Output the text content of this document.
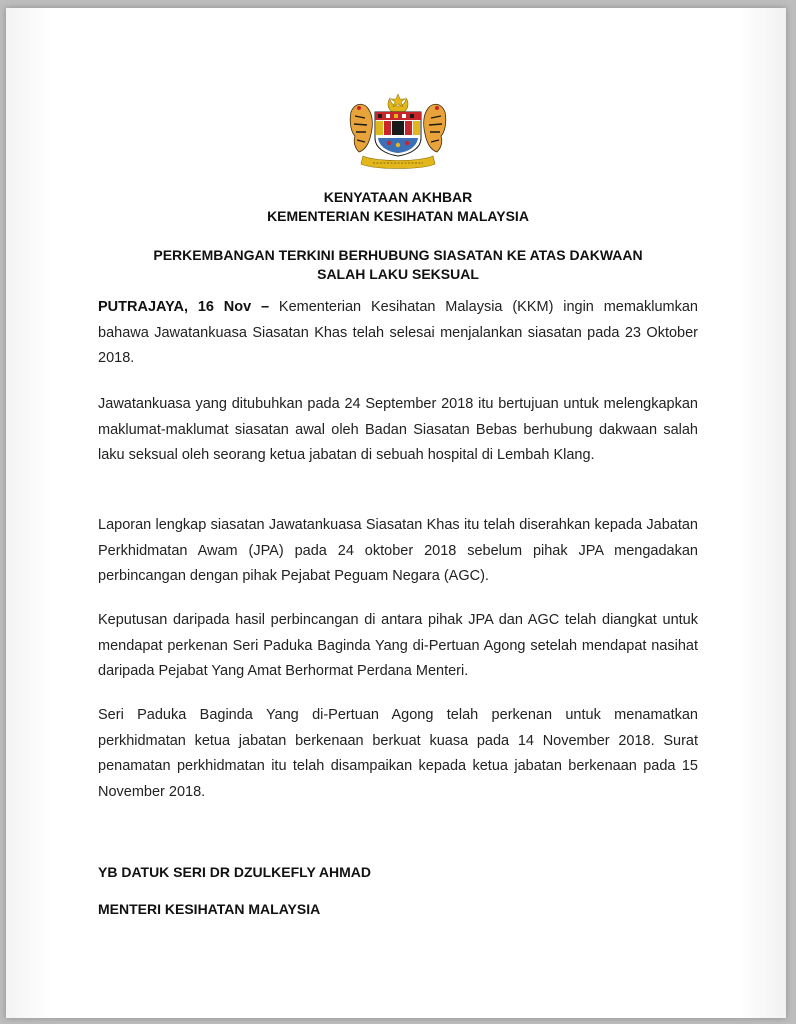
KENYATAAN AKHBAR
KEMENTERIAN KESIHATAN MALAYSIA
PERKEMBANGAN TERKINI BERHUBUNG SIASATAN KE ATAS DAKWAAN
SALAH LAKU SEKSUAL

PUTRAJAYA, 16 Nov – Kementerian Kesihatan Malaysia (KKM) ingin memaklumkan bahawa Jawatankuasa Siasatan Khas telah selesai menjalankan siasatan pada 23 Oktober 2018.

Jawatankuasa yang ditubuhkan pada 24 September 2018 itu bertujuan untuk melengkapkan maklumat-maklumat siasatan awal oleh Badan Siasatan Bebas berhubung dakwaan salah laku seksual oleh seorang ketua jabatan di sebuah hospital di Lembah Klang.

Laporan lengkap siasatan Jawatankuasa Siasatan Khas itu telah diserahkan kepada Jabatan Perkhidmatan Awam (JPA) pada 24 oktober 2018 sebelum pihak JPA mengadakan perbincangan dengan pihak Pejabat Peguam Negara (AGC).

Keputusan daripada hasil perbincangan di antara pihak JPA dan AGC telah diangkat untuk mendapat perkenan Seri Paduka Baginda Yang di-Pertuan Agong setelah mendapat nasihat daripada Pejabat Yang Amat Berhormat Perdana Menteri.

Seri Paduka Baginda Yang di-Pertuan Agong telah perkenan untuk menamatkan perkhidmatan ketua jabatan berkenaan berkuat kuasa pada 14 November 2018. Surat penamatan perkhidmatan itu telah disampaikan kepada ketua jabatan berkenaan pada 15 November 2018.

YB DATUK SERI DR DZULKEFLY AHMAD
MENTERI KESIHATAN MALAYSIA
